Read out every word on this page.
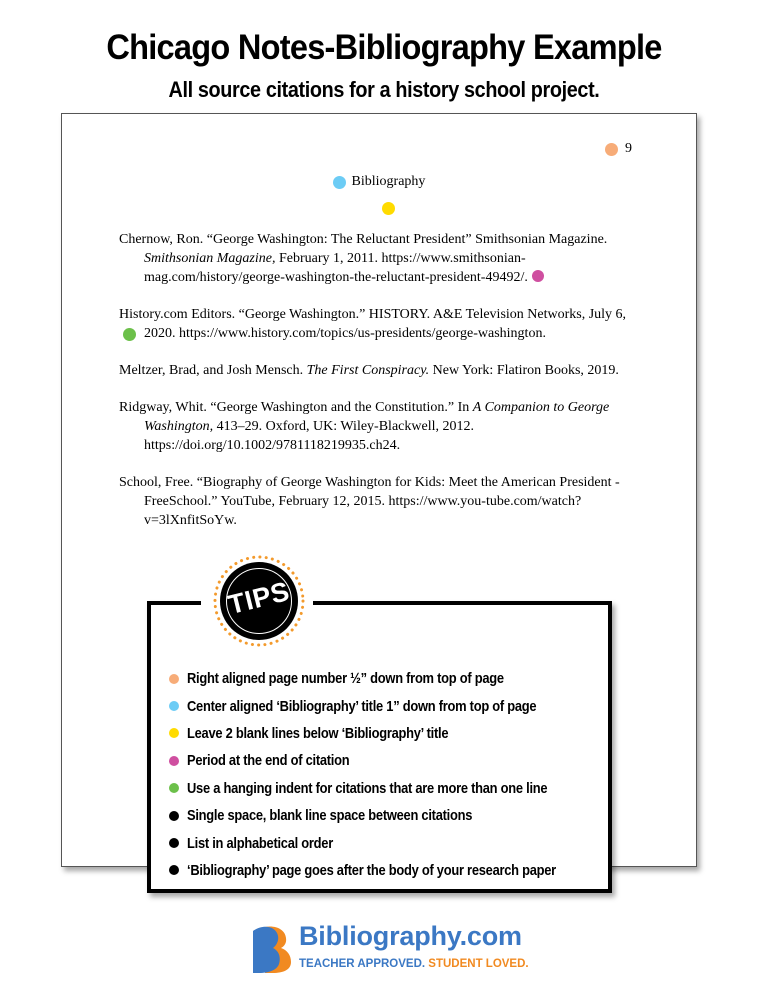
Chicago Notes-Bibliography Example
All source citations for a history school project.
9
Bibliography
Chernow, Ron. “George Washington: The Reluctant President” Smithsonian Magazine. Smithsonian Magazine, February 1, 2011. https://www.smithsonian-mag.com/history/george-washington-the-reluctant-president-49492/.
History.com Editors. “George Washington.” HISTORY. A&E Television Networks, July 6, 2020. https://www.history.com/topics/us-presidents/george-washington.
Meltzer, Brad, and Josh Mensch. The First Conspiracy. New York: Flatiron Books, 2019.
Ridgway, Whit. “George Washington and the Constitution.” In A Companion to George Washington, 413–29. Oxford, UK: Wiley-Blackwell, 2012. https://doi.org/10.1002/9781118219935.ch24.
School, Free. “Biography of George Washington for Kids: Meet the American President - FreeSchool.” YouTube, February 12, 2015. https://www.you-tube.com/watch?v=3lXnfitSoYw.
Right aligned page number ½” down from top of page
Center aligned ‘Bibliography’ title 1” down from top of page
Leave 2 blank lines below ‘Bibliography’ title
Period at the end of citation
Use a hanging indent for citations that are more than one line
Single space, blank line space between citations
List in alphabetical order
‘Bibliography’ page goes after the body of your research paper
TIPS
Bibliography.com
TEACHER APPROVED. STUDENT LOVED.
